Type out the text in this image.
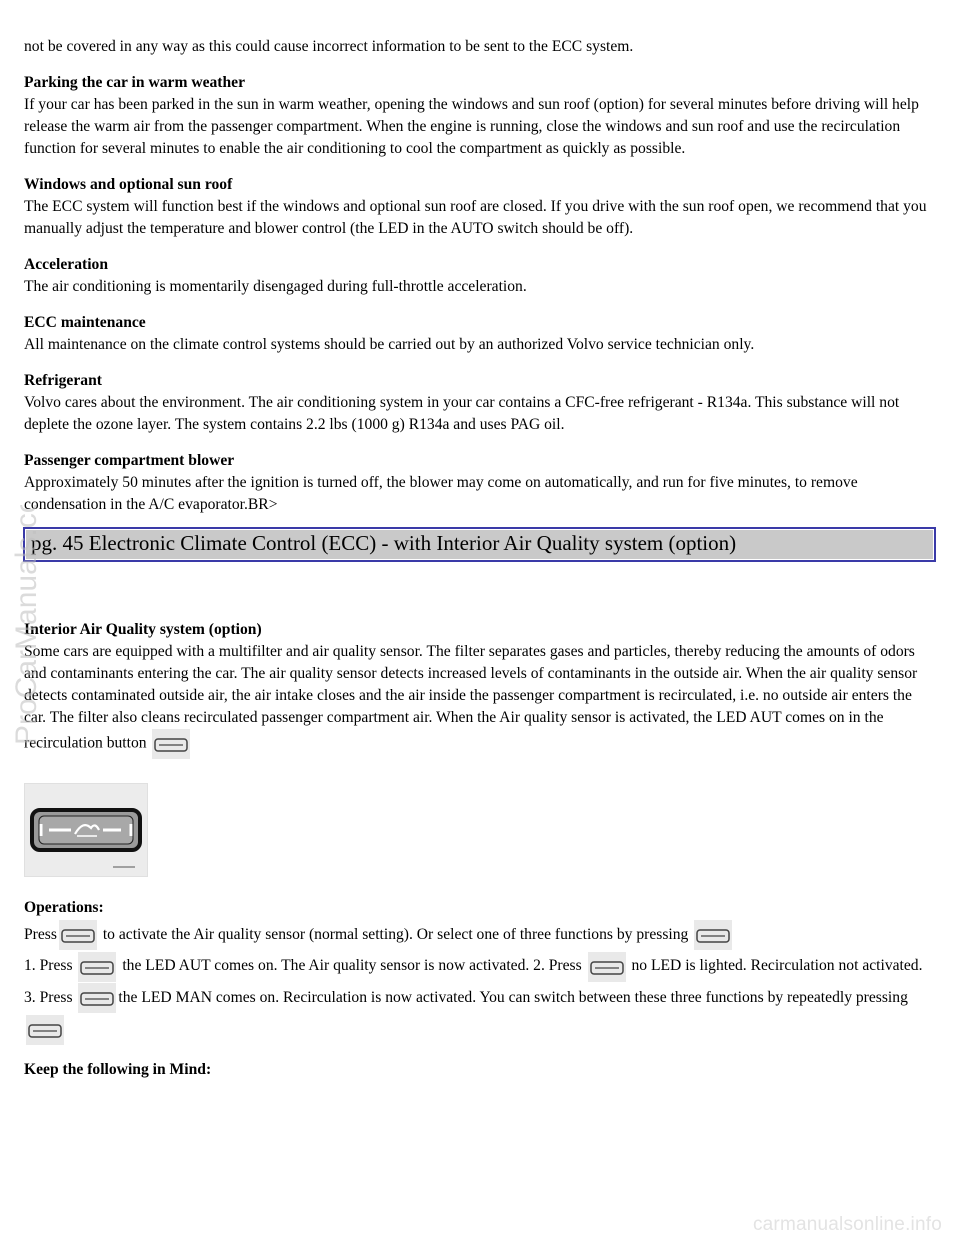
not be covered in any way as this could cause incorrect information to be sent to the ECC system.

Parking the car in warm weather
If your car has been parked in the sun in warm weather, opening the windows and sun roof (option) for several minutes before driving will help release the warm air from the passenger compartment. When the engine is running, close the windows and sun roof and use the recirculation function for several minutes to enable the air conditioning to cool the compartment as quickly as possible.
Windows and optional sun roof
The ECC system will function best if the windows and optional sun roof are closed. If you drive with the sun roof open, we recommend that you manually adjust the temperature and blower control (the LED in the AUTO switch should be off).
Acceleration
The air conditioning is momentarily disengaged during full-throttle acceleration.
ECC maintenance
All maintenance on the climate control systems should be carried out by an authorized Volvo service technician only.
Refrigerant
Volvo cares about the environment. The air conditioning system in your car contains a CFC-free refrigerant - R134a. This substance will not deplete the ozone layer. The system contains 2.2 lbs (1000 g) R134a and uses PAG oil.
Passenger compartment blower
Approximately 50 minutes after the ignition is turned off, the blower may come on automatically, and run for five minutes, to remove condensation in the A/C evaporator.BR>
pg. 45 Electronic Climate Control (ECC) - with Interior Air Quality system (option)
Interior Air Quality system (option)
Some cars are equipped with a multifilter and air quality sensor. The filter separates gases and particles, thereby reducing the amounts of odors and contaminants entering the car. The air quality sensor detects increased levels of contaminants in the outside air. When the air quality sensor detects contaminated outside air, the air intake closes and the air inside the passenger compartment is recirculated, i.e. no outside air enters the car. The filter also cleans recirculated passenger compartment air. When the Air quality sensor is activated, the LED AUT comes on in the recirculation button
Operations:
Press	to activate the Air quality sensor (normal setting). Or select one of three functions by pressing

1. Press	the LED AUT comes on. The Air quality sensor is now activated. 2. Press	no LED is lighted. Recirculation not activated. 3. Press	the LED MAN comes on. Recirculation is now activated. You can switch between these three functions by repeatedly pressing

Keep the following in Mind:

ProCarManuals.com
carmanualsonline.info
